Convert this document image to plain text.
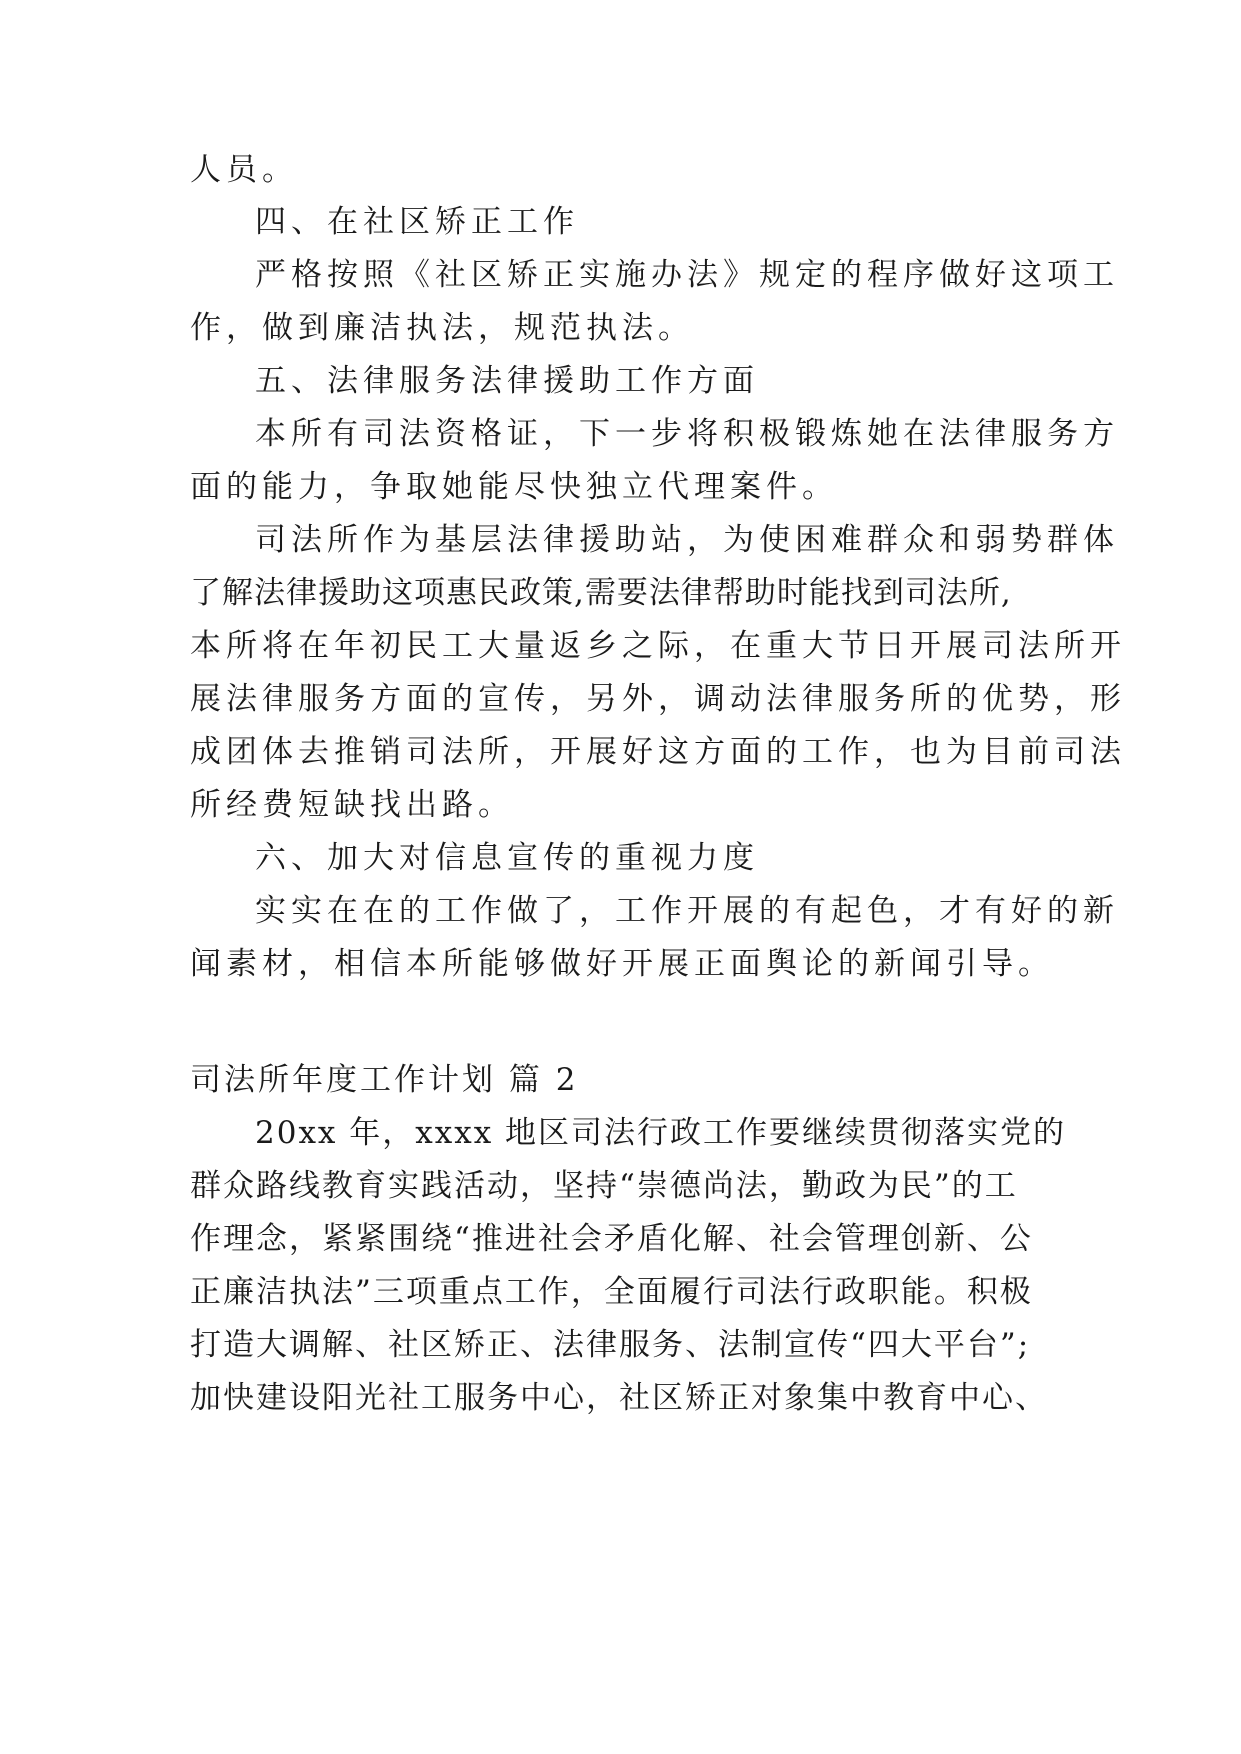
人员。
四、在社区矫正工作
严格按照《社区矫正实施办法》规定的程序做好这项工
作，做到廉洁执法，规范执法。
五、法律服务法律援助工作方面
本所有司法资格证，下一步将积极锻炼她在法律服务方
面的能力，争取她能尽快独立代理案件。
司法所作为基层法律援助站，为使困难群众和弱势群体
了解法律援助这项惠民政策,需要法律帮助时能找到司法所,
本所将在年初民工大量返乡之际，在重大节日开展司法所开
展法律服务方面的宣传，另外，调动法律服务所的优势，形
成团体去推销司法所，开展好这方面的工作，也为目前司法
所经费短缺找出路。
六、加大对信息宣传的重视力度
实实在在的工作做了，工作开展的有起色，才有好的新
闻素材，相信本所能够做好开展正面舆论的新闻引导。
司法所年度工作计划 篇 2
20xx 年，xxxx 地区司法行政工作要继续贯彻落实党的
群众路线教育实践活动，坚持“崇德尚法，勤政为民”的工
作理念，紧紧围绕“推进社会矛盾化解、社会管理创新、公
正廉洁执法”三项重点工作，全面履行司法行政职能。积极
打造大调解、社区矫正、法律服务、法制宣传“四大平台”;
加快建设阳光社工服务中心，社区矫正对象集中教育中心、
